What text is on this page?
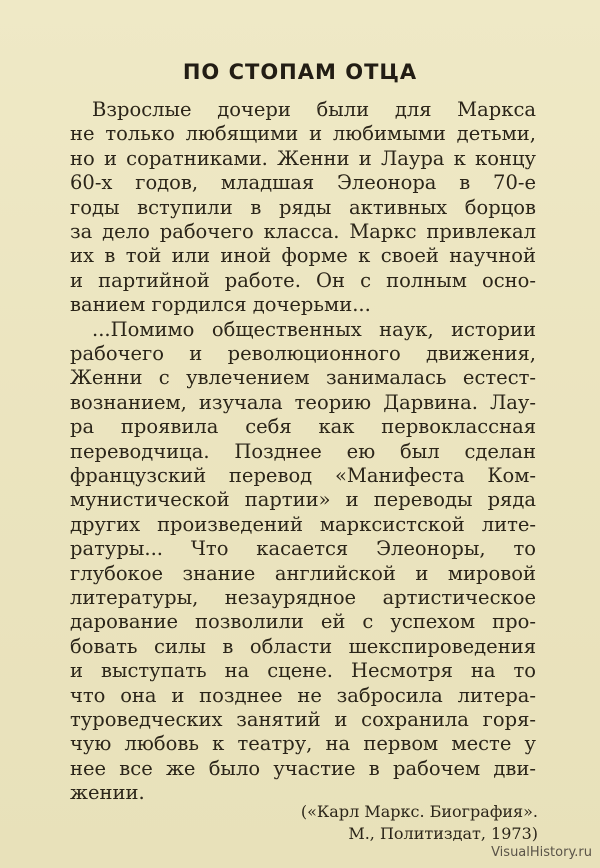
ПО СТОПАМ ОТЦА
Взрослые дочери были для Маркса
не только любящими и любимыми детьми,
но и соратниками. Женни и Лаура к концу
60-х годов, младшая Элеонора в 70-е
годы вступили в ряды активных борцов
за дело рабочего класса. Маркс привлекал
их в той или иной форме к своей научной
и партийной работе. Он с полным осно-
ванием гордился дочерьми...
...Помимо общественных наук, истории
рабочего и революционного движения,
Женни с увлечением занималась естест-
вознанием, изучала теорию Дарвина. Лау-
ра проявила себя как первоклассная
переводчица. Позднее ею был сделан
французский перевод «Манифеста Ком-
мунистической партии» и переводы ряда
других произведений марксистской лите-
ратуры... Что касается Элеоноры, то
глубокое знание английской и мировой
литературы, незаурядное артистическое
дарование позволили ей с успехом про-
бовать силы в области шекспироведения
и выступать на сцене. Несмотря на то
что она и позднее не забросила литера-
туроведческих занятий и сохранила горя-
чую любовь к театру, на первом месте у
нее все же было участие в рабочем дви-
жении.
(«Карл Маркс. Биография».
М., Политиздат, 1973)
VisualHistory.ru
